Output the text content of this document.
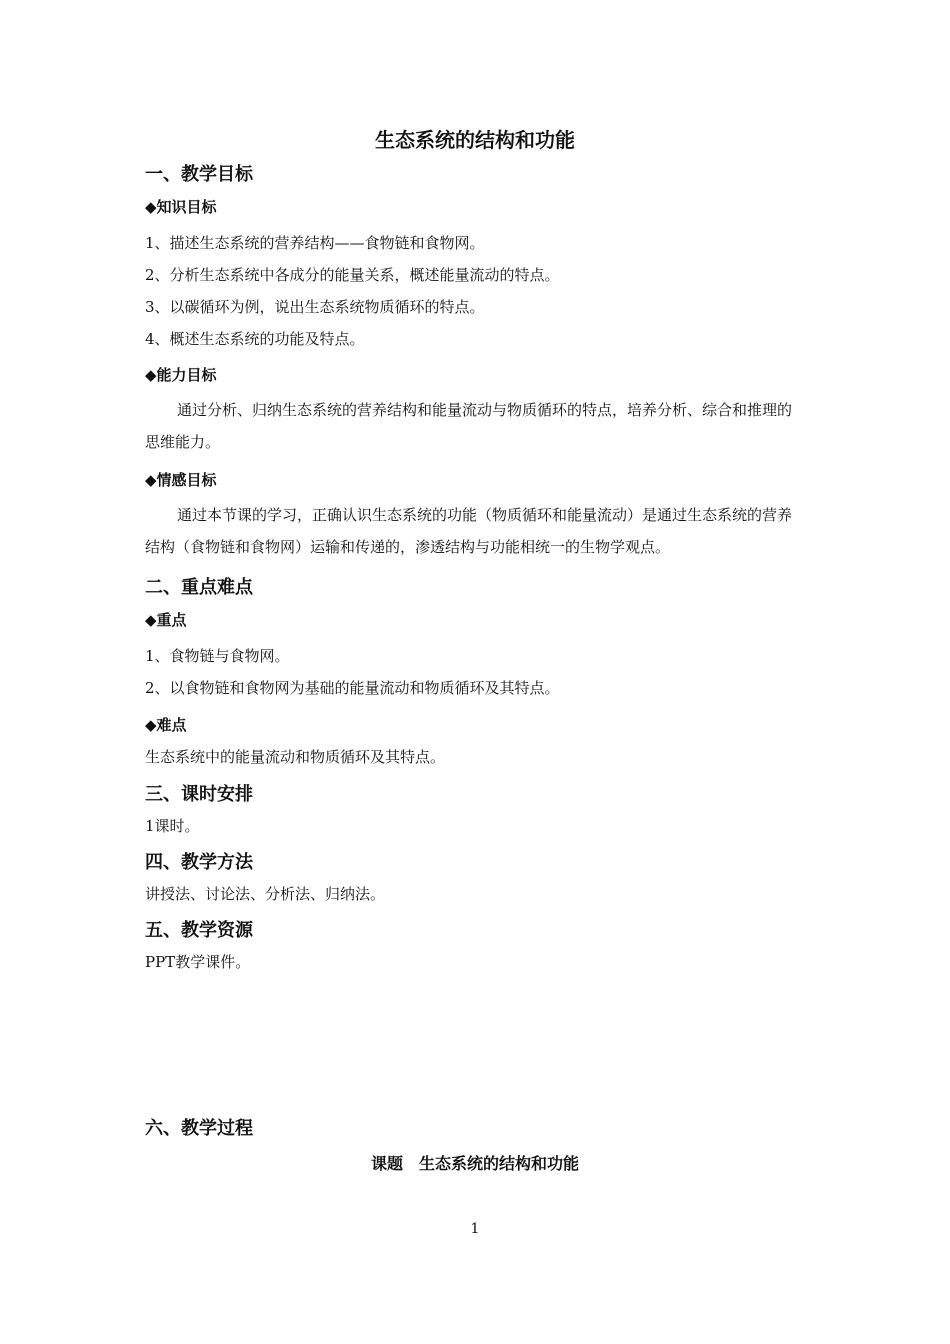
生态系统的结构和功能
一、教学目标
◆知识目标
1、描述生态系统的营养结构——食物链和食物网。
2、分析生态系统中各成分的能量关系，概述能量流动的特点。
3、以碳循环为例，说出生态系统物质循环的特点。
4、概述生态系统的功能及特点。
◆能力目标
通过分析、归纳生态系统的营养结构和能量流动与物质循环的特点，培养分析、综合和推理的思维能力。
◆情感目标
通过本节课的学习，正确认识生态系统的功能（物质循环和能量流动）是通过生态系统的营养结构（食物链和食物网）运输和传递的，渗透结构与功能相统一的生物学观点。
二、重点难点
◆重点
1、食物链与食物网。
2、以食物链和食物网为基础的能量流动和物质循环及其特点。
◆难点
生态系统中的能量流动和物质循环及其特点。
三、课时安排
1课时。
四、教学方法
讲授法、讨论法、分析法、归纳法。
五、教学资源
PPT教学课件。
六、教学过程
课题　生态系统的结构和功能
1
